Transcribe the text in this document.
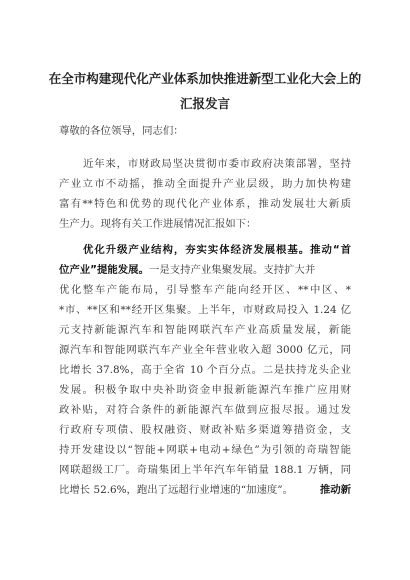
在全市构建现代化产业体系加快推进新型工业化大会上的
汇报发言
尊敬的各位领导，同志们：
近年来，市财政局坚决贯彻市委市政府决策部署，坚持
产业立市不动摇，推动全面提升产业层级，助力加快构建
富有**特色和优势的现代化产业体系，推动发展壮大新质
生产力。现将有关工作进展情况汇报如下：
优化升级产业结构，夯实实体经济发展根基。推动“首
位产业”提能发展。一是支持产业集聚发展。支持扩大并
优化整车产能布局，引导整车产能向经开区、**中区、*
*市、**区和**经开区集聚。上半年，市财政局投入 1.24 亿
元支持新能源汽车和智能网联汽车产业高质量发展，新能
源汽车和智能网联汽车产业全年营业收入超 3000 亿元，同
比增长 37.8%，高于全省 10 个百分点。二是扶持龙头企业
发展。积极争取中央补助资金申报新能源汽车推广应用财
政补贴，对符合条件的新能源汽车做到应报尽报。通过发
行政府专项债、股权融资、财政补贴多渠道筹措资金，支
持开发建设以“智能+网联+电动+绿色”为引领的奇瑞智能
网联超级工厂。奇瑞集团上半年汽车年销量 188.1 万辆，同
比增长 52.6%，跑出了远超行业增速的“加速度”。	推动新
